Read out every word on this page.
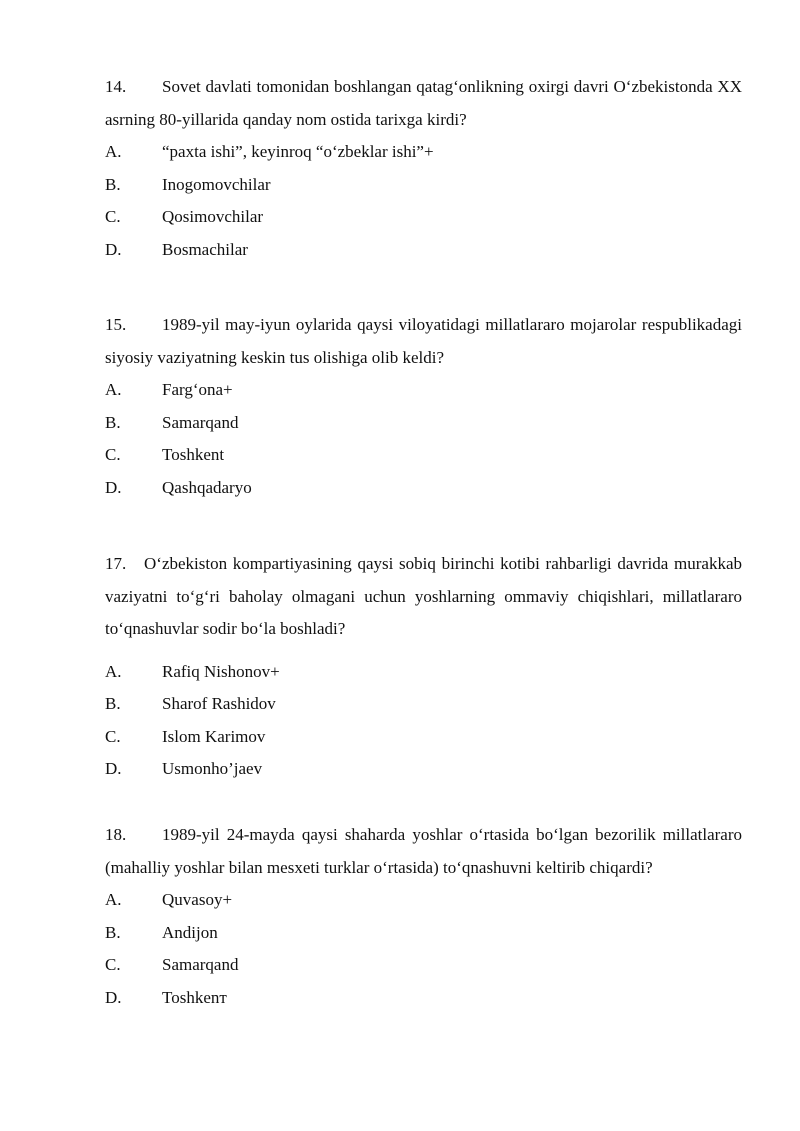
14. Sovet davlati tomonidan boshlangan qatag‘onlikning oxirgi davri O‘zbekistonda XX asrning 80-yillarida qanday nom ostida tarixga kirdi?
A.	“paxta ishi”, keyinroq “o‘zbeklar ishi”+
B.	Inogomovchilar
C.	Qosimovchilar
D.	Bosmachilar
15. 1989-yil may-iyun oylarida qaysi viloyatidagi millatlararo mojarolar respublikadagi siyosiy vaziyatning keskin tus olishiga olib keldi?
A.	Farg‘ona+
B.	Samarqand
C.	Toshkent
D.	Qashqadaryo
17. O‘zbekiston kompartiyasining qaysi sobiq birinchi kotibi rahbarligi davrida murakkab vaziyatni to‘g‘ri baholay olmagani uchun yoshlarning ommaviy chiqishlari, millatlararo to‘qnashuvlar sodir bo‘la boshladi?
A.	Rafiq Nishonov+
B.	Sharof Rashidov
C.	Islom Karimov
D.	Usmonho’jaev
18. 1989-yil 24-mayda qaysi shaharda yoshlar o‘rtasida bo‘lgan bezorilik millatlararo (mahalliy yoshlar bilan mesxeti turklar o‘rtasida) to‘qnashuvni keltirib chiqardi?
A.	Quvasoy+
B.	Andijon
C.	Samarqand
D.	Toshkenт
